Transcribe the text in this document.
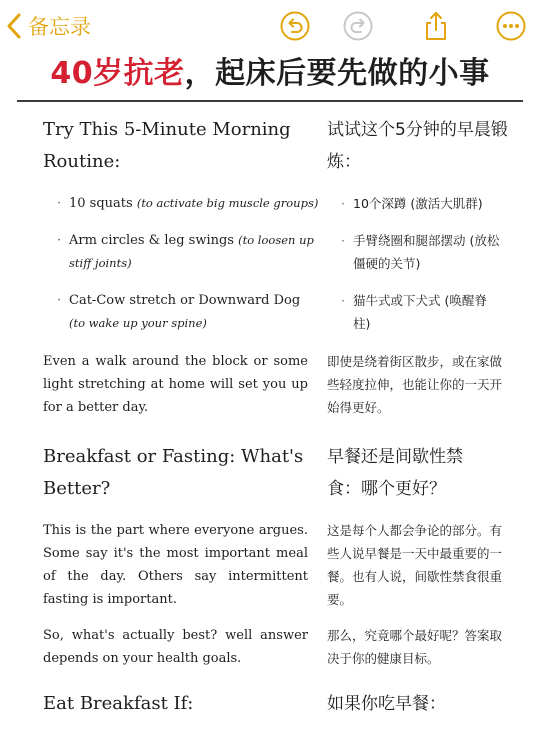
备忘录
40岁抗老，起床后要先做的小事
Try This 5-Minute Morning Routine:
· 10 squats (to activate big muscle groups)
· Arm circles & leg swings (to loosen up stiff joints)
· Cat-Cow stretch or Downward Dog
(to wake up your spine)
Even a walk around the block or some light stretching at home will set you up for a better day.
Breakfast or Fasting: What's Better?
This is the part where everyone argues. Some say it's the most important meal of the day. Others say intermittent fasting is important.
So, what's actually best? well answer depends on your health goals.
Eat Breakfast If:
试试这个5分钟的早晨锻炼：
· 10个深蹲 (激活大肌群)
· 手臂绕圈和腿部摆动 (放松僵硬的关节)
· 猫牛式或下犬式 (唤醒脊柱)
即使是绕着街区散步，或在家做些轻度拉伸，也能让你的一天开始得更好。
早餐还是间歇性禁食：哪个更好？
这是每个人都会争论的部分。有些人说早餐是一天中最重要的一餐。也有人说，间歇性禁食很重要。
那么，究竟哪个最好呢？答案取决于你的健康目标。
如果你吃早餐：
